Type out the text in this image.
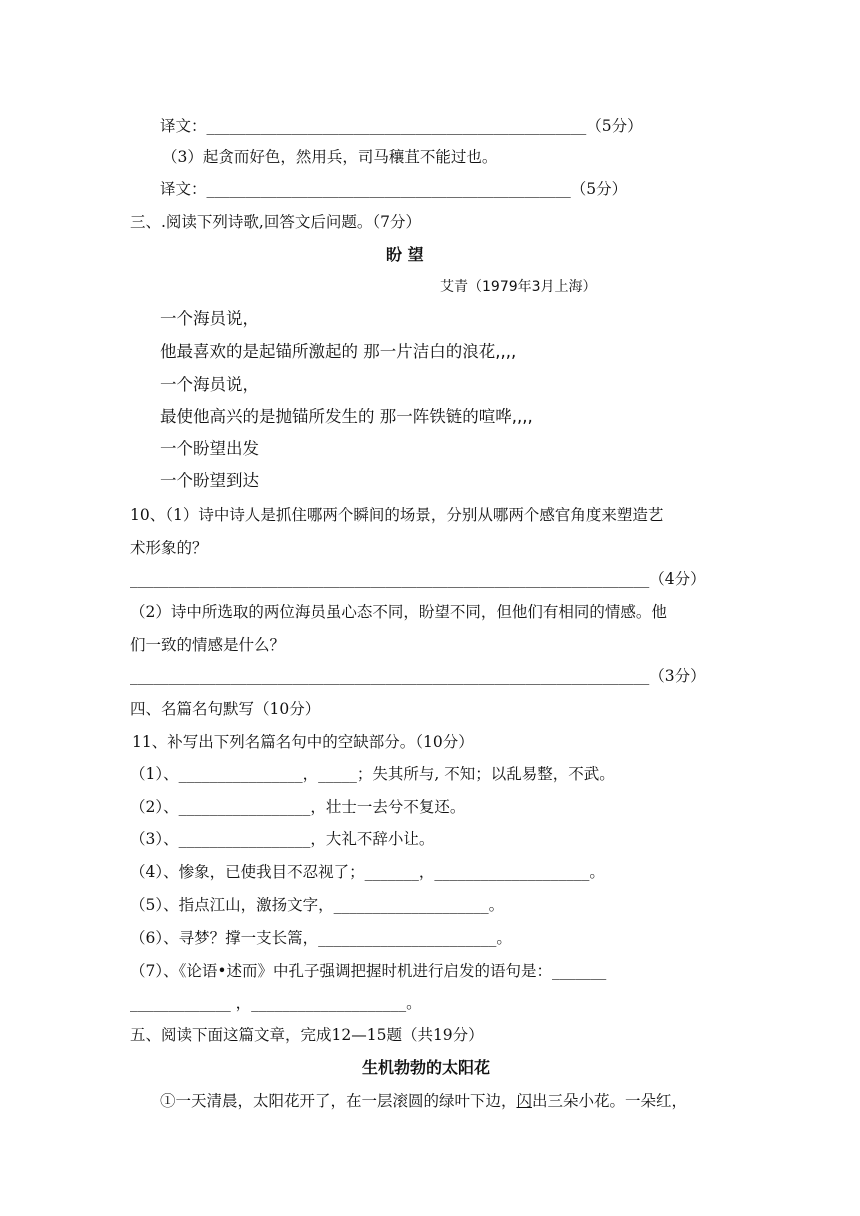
译文：_________________________________________________（5分）
（3）起贪而好色，然用兵，司马穰苴不能过也。
译文：_______________________________________________（5分）
三、.阅读下列诗歌,回答文后问题。（7分）
盼 望
艾青（1979年3月上海）
一个海员说，
他最喜欢的是起锚所激起的 那一片洁白的浪花,,,,
一个海员说，
最使他高兴的是抛锚所发生的 那一阵铁链的喧哗,,,,
一个盼望出发
一个盼望到达
10、（1）诗中诗人是抓住哪两个瞬间的场景，分别从哪两个感官角度来塑造艺
术形象的？
___________________________________________________________________（4分）
（2）诗中所选取的两位海员虽心态不同，盼望不同，但他们有相同的情感。他
们一致的情感是什么？
___________________________________________________________________（3分）
四、名篇名句默写（10分）
11、补写出下列名篇名句中的空缺部分。（10分）
（1）、________________，_____；失其所与, 不知；以乱易整，不武。
（2）、_________________，壮士一去兮不复还。
（3）、_________________，大礼不辞小让。
（4）、惨象，已使我目不忍视了；_______，____________________。
（5）、指点江山，激扬文字，____________________。
（6）、寻梦？撑一支长篙，_______________________。
（7）、《论语•述而》中孔子强调把握时机进行启发的语句是：_______
_____________ ，____________________。
五、阅读下面这篇文章，完成12—15题（共19分）
生机勃勃的太阳花
①一天清晨，太阳花开了，在一层滚圆的绿叶下边，闪出三朵小花。一朵红，
